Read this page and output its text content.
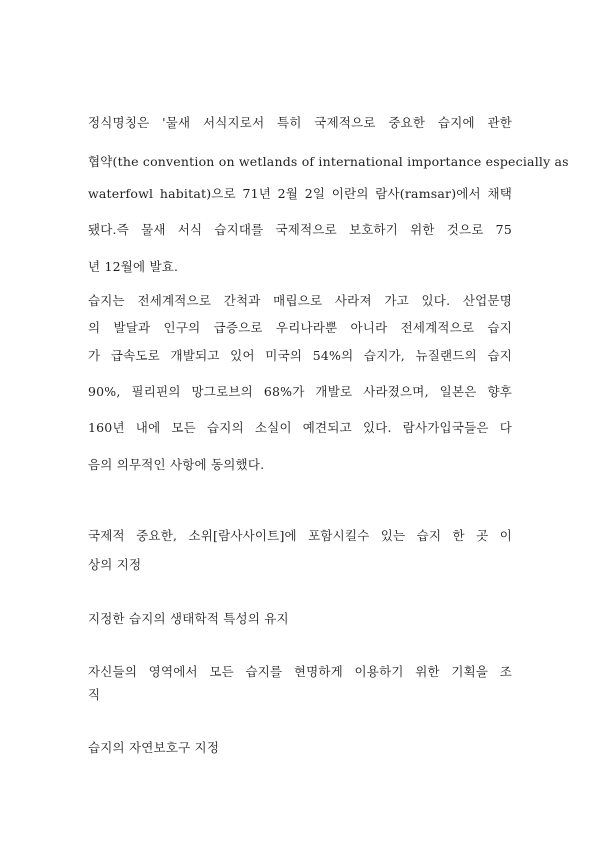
정식명칭은 '물새 서식지로서 특히 국제적으로 중요한 습지에 관한
협약(the convention on wetlands of international importance especially as
waterfowl habitat)으로 71년 2월 2일 이란의 람사(ramsar)에서 채택
됐다.즉 물새 서식 습지대를 국제적으로 보호하기 위한 것으로 75
년 12월에 발효.
습지는 전세계적으로 간척과 매립으로 사라져 가고 있다. 산업문명
의 발달과 인구의 급증으로 우리나라뿐 아니라 전세계적으로 습지
가 급속도로 개발되고 있어 미국의 54%의 습지가, 뉴질랜드의 습지
90%, 필리핀의 망그로브의 68%가 개발로 사라졌으며, 일본은 향후
160년 내에 모든 습지의 소실이 예견되고 있다. 람사가입국들은 다
음의 의무적인 사항에 동의했다.
국제적 중요한, 소위[람사사이트]에 포함시킬수 있는 습지 한 곳 이
상의 지정
지정한 습지의 생태학적 특성의 유지
자신들의 영역에서 모든 습지를 현명하게 이용하기 위한 기획을 조
직
습지의 자연보호구 지정
